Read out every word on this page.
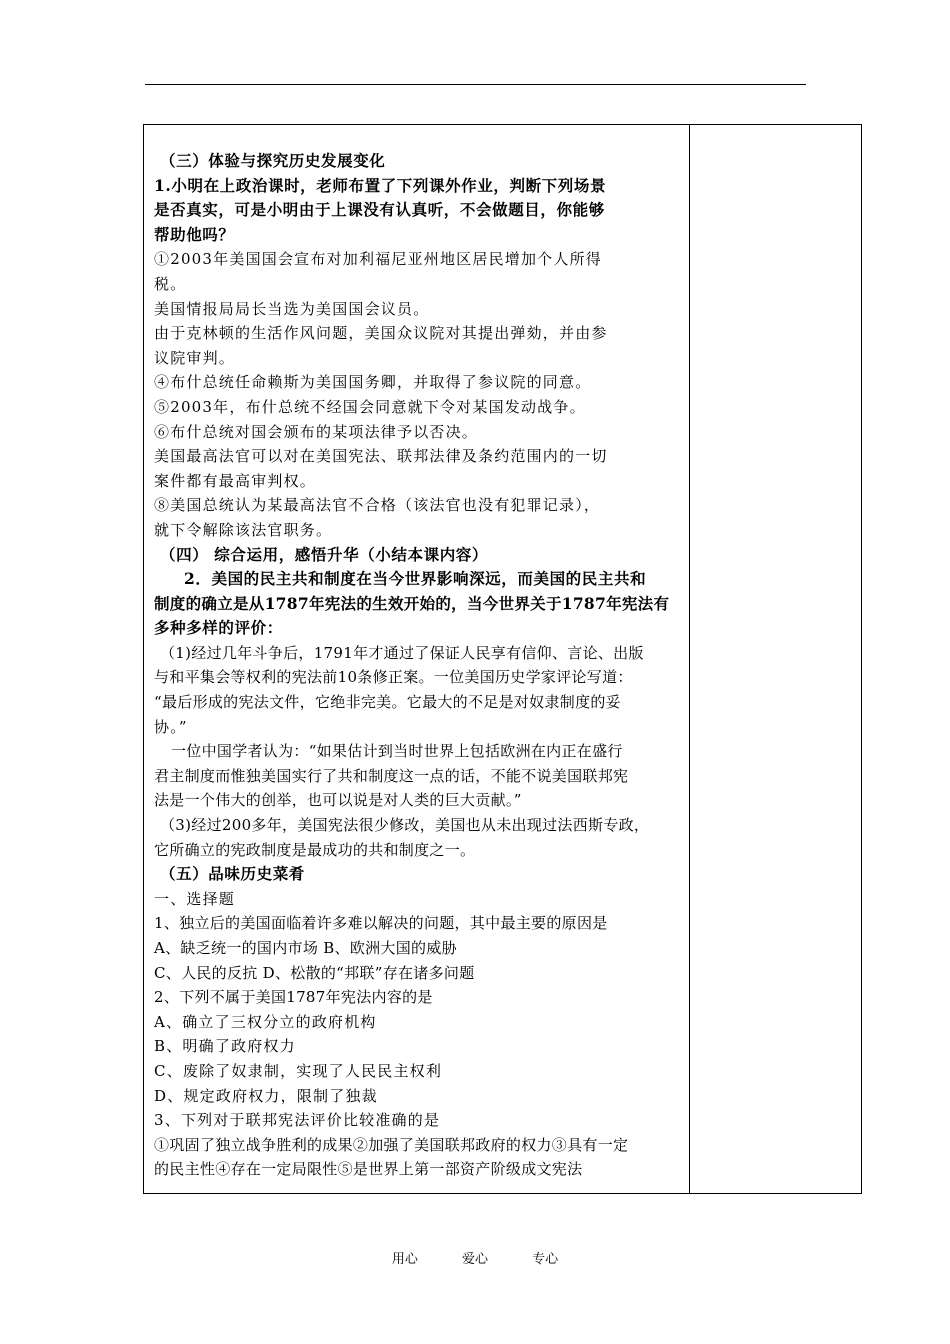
（三）体验与探究历史发展变化
1.小明在上政治课时，老师布置了下列课外作业，判断下列场景
是否真实，可是小明由于上课没有认真听，不会做题目，你能够
帮助他吗？
①2003年美国国会宣布对加利福尼亚州地区居民增加个人所得
税。
美国情报局局长当选为美国国会议员。
由于克林顿的生活作风问题，美国众议院对其提出弹劾，并由参
议院审判。
④布什总统任命赖斯为美国国务卿，并取得了参议院的同意。
⑤2003年，布什总统不经国会同意就下令对某国发动战争。
⑥布什总统对国会颁布的某项法律予以否决。
美国最高法官可以对在美国宪法、联邦法律及条约范围内的一切
案件都有最高审判权。
⑧美国总统认为某最高法官不合格（该法官也没有犯罪记录），
就下令解除该法官职务。
（四） 综合运用，感悟升华（小结本课内容）
2．美国的民主共和制度在当今世界影响深远，而美国的民主共和
制度的确立是从1787年宪法的生效开始的，当今世界关于1787年宪法有
多种多样的评价：
（1)经过几年斗争后，1791年才通过了保证人民享有信仰、言论、出版
与和平集会等权利的宪法前10条修正案。一位美国历史学家评论写道：
“最后形成的宪法文件，它绝非完美。它最大的不足是对奴隶制度的妥
协。”
一位中国学者认为：“如果估计到当时世界上包括欧洲在内正在盛行
君主制度而惟独美国实行了共和制度这一点的话，不能不说美国联邦宪
法是一个伟大的创举，也可以说是对人类的巨大贡献。”
（3)经过200多年，美国宪法很少修改，美国也从未出现过法西斯专政，
它所确立的宪政制度是最成功的共和制度之一。
（五）品味历史菜肴
一、选择题
1、独立后的美国面临着许多难以解决的问题，其中最主要的原因是
A、缺乏统一的国内市场 B、欧洲大国的威胁
C、人民的反抗 D、松散的“邦联”存在诸多问题
2、下列不属于美国1787年宪法内容的是
A、确立了三权分立的政府机构
B、明确了政府权力
C、废除了奴隶制，实现了人民民主权利
D、规定政府权力，限制了独裁
3、下列对于联邦宪法评价比较准确的是
①巩固了独立战争胜利的成果②加强了美国联邦政府的权力③具有一定
的民主性④存在一定局限性⑤是世界上第一部资产阶级成文宪法
用心	爱心	专心
